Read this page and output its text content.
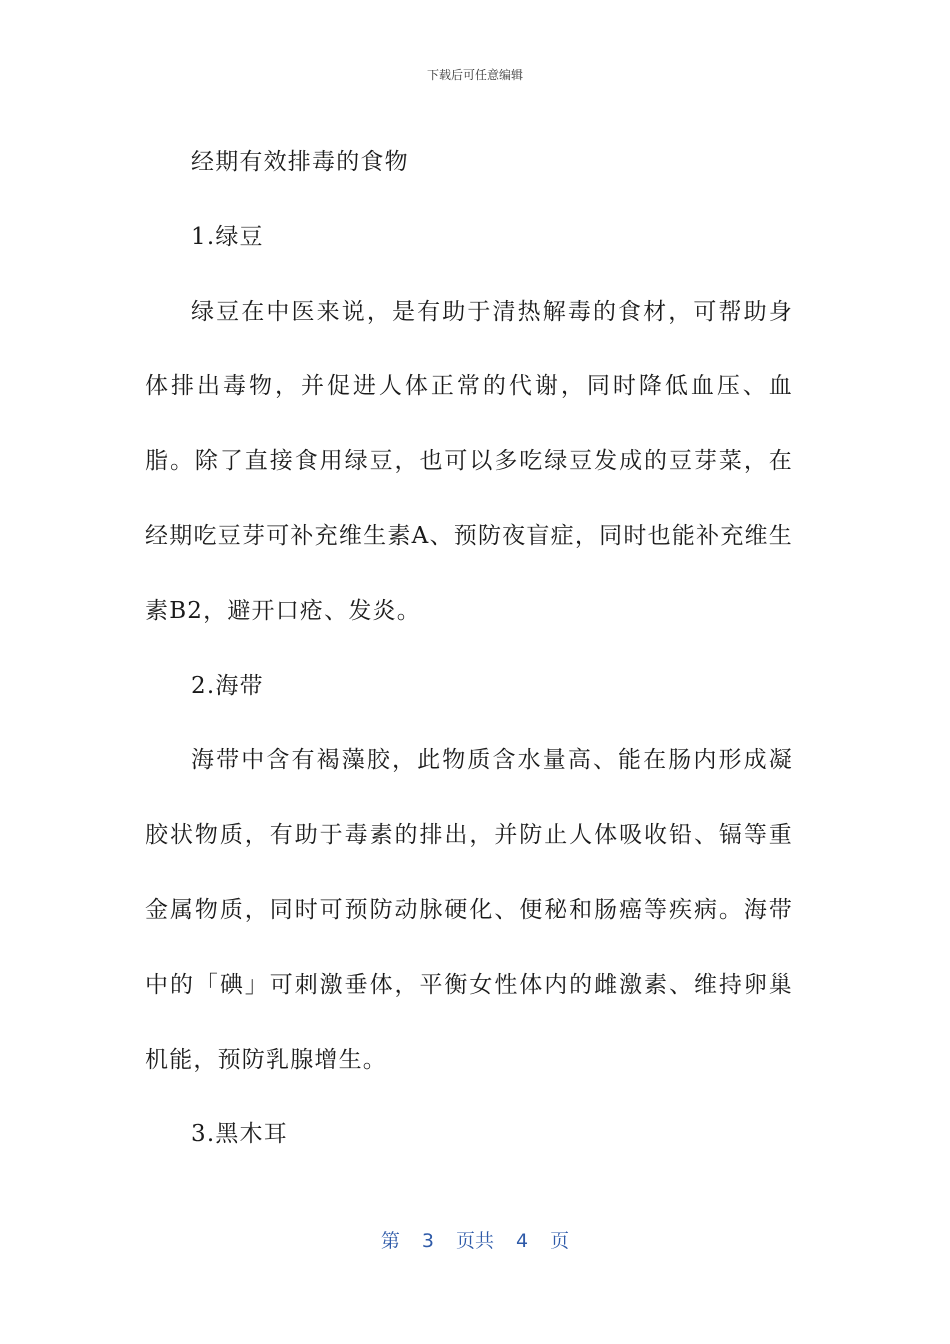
下载后可任意编辑

经期有效排毒的食物

1.绿豆

绿豆在中医来说，是有助于清热解毒的食材，可帮助身体排出毒物，并促进人体正常的代谢，同时降低血压、血脂。除了直接食用绿豆，也可以多吃绿豆发成的豆芽菜，在经期吃豆芽可补充维生素A、预防夜盲症，同时也能补充维生素B2，避开口疮、发炎。

2.海带

海带中含有褐藻胶，此物质含水量高、能在肠内形成凝胶状物质，有助于毒素的排出，并防止人体吸收铅、镉等重金属物质，同时可预防动脉硬化、便秘和肠癌等疾病。海带中的「碘」可刺激垂体，平衡女性体内的雌激素、维持卵巢机能，预防乳腺增生。

3.黑木耳

第 3 页共 4 页
